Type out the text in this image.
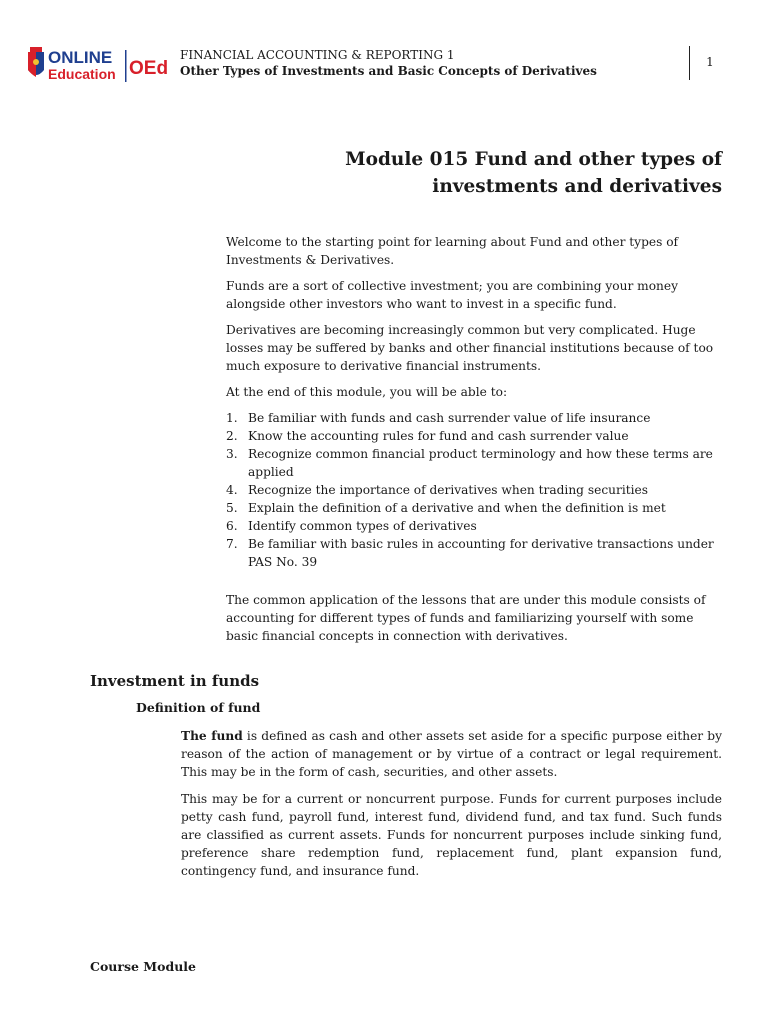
ONLINE
Education OEd
FINANCIAL ACCOUNTING & REPORTING 1
Other Types of Investments and Basic Concepts of Derivatives
1
Module 015 Fund and other types of
investments and derivatives

Welcome to the starting point for learning about Fund and other types of Investments & Derivatives.

Funds are a sort of collective investment; you are combining your money alongside other investors who want to invest in a specific fund.

Derivatives are becoming increasingly common but very complicated. Huge losses may be suffered by banks and other financial institutions because of too much exposure to derivative financial instruments.

At the end of this module, you will be able to:

1. Be familiar with funds and cash surrender value of life insurance
2. Know the accounting rules for fund and cash surrender value
3. Recognize common financial product terminology and how these terms are applied
4. Recognize the importance of derivatives when trading securities
5. Explain the definition of a derivative and when the definition is met
6. Identify common types of derivatives
7. Be familiar with basic rules in accounting for derivative transactions under PAS No. 39

The common application of the lessons that are under this module consists of accounting for different types of funds and familiarizing yourself with some basic financial concepts in connection with derivatives.

Investment in funds
Definition of fund

The fund is defined as cash and other assets set aside for a specific purpose either by reason of the action of management or by virtue of a contract or legal requirement. This may be in the form of cash, securities, and other assets.

This may be for a current or noncurrent purpose. Funds for current purposes include petty cash fund, payroll fund, interest fund, dividend fund, and tax fund. Such funds are classified as current assets. Funds for noncurrent purposes include sinking fund, preference share redemption fund, replacement fund, plant expansion fund, contingency fund, and insurance fund.

Course Module
